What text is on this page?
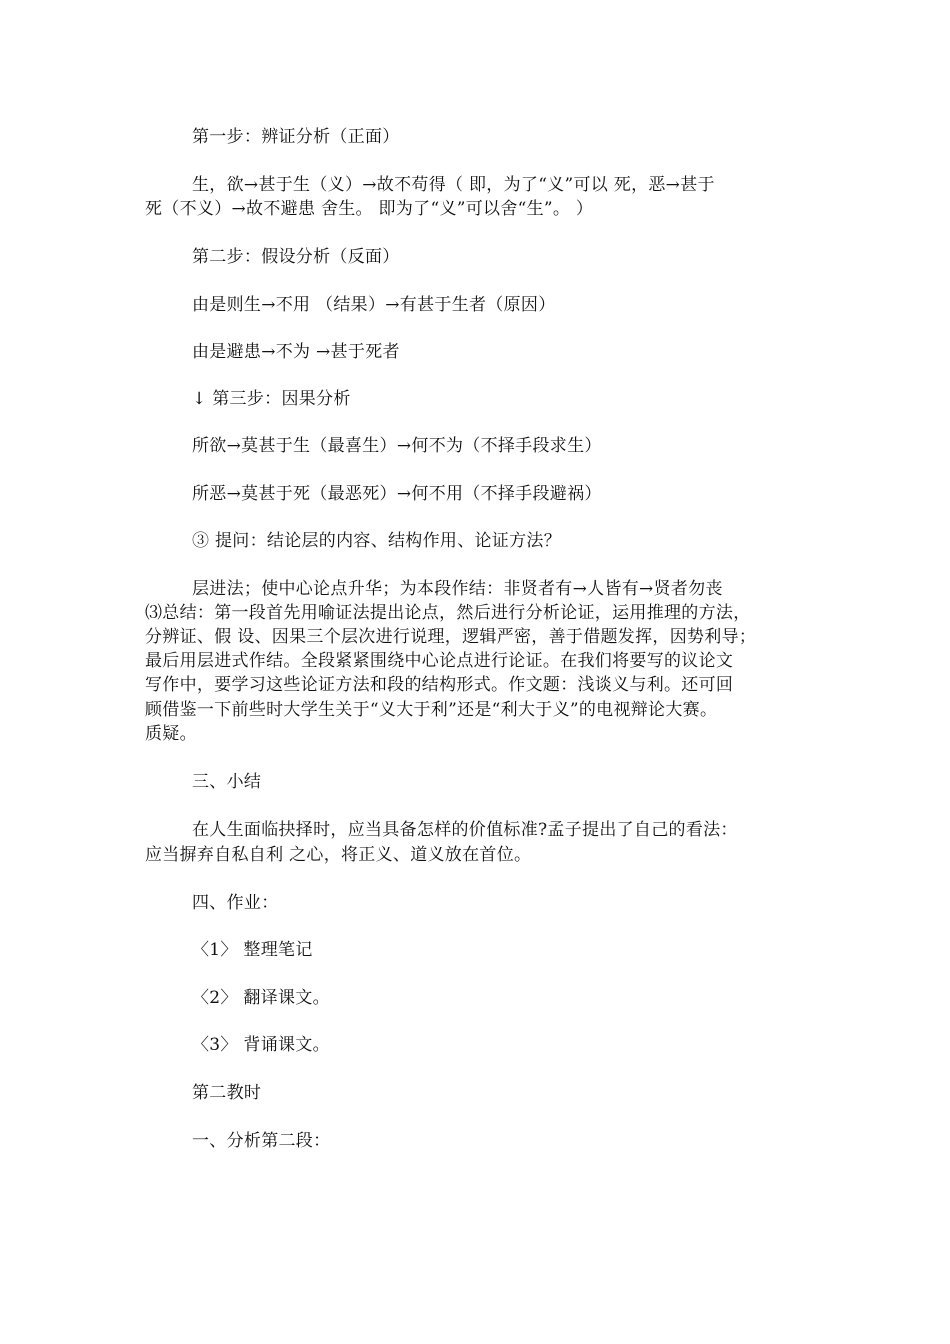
第一步：辨证分析（正面）
生，欲→甚于生（义）→故不苟得（ 即，为了“义”可以 死，恶→甚于
死（不义）→故不避患 舍生。 即为了“义”可以舍“生”。 ）
第二步：假设分析（反面）
由是则生→不用 （结果）→有甚于生者（原因）
由是避患→不为 →甚于死者
↓ 第三步：因果分析
所欲→莫甚于生（最喜生）→何不为（不择手段求生）
所恶→莫甚于死（最恶死）→何不用（不择手段避祸）
③ 提问：结论层的内容、结构作用、论证方法？
层进法；使中心论点升华；为本段作结：非贤者有→人皆有→贤者勿丧
⑶总结：第一段首先用喻证法提出论点，然后进行分析论证，运用推理的方法，
分辨证、假 设、因果三个层次进行说理，逻辑严密，善于借题发挥，因势利导；
最后用层进式作结。全段紧紧围绕中心论点进行论证。在我们将要写的议论文
写作中，要学习这些论证方法和段的结构形式。作文题：浅谈义与利。还可回
顾借鉴一下前些时大学生关于“义大于利”还是“利大于义”的电视辩论大赛。
质疑。
三、小结
在人生面临抉择时，应当具备怎样的价值标准?孟子提出了自己的看法：
应当摒弃自私自利 之心，将正义、道义放在首位。
四、作业：
〈1〉 整理笔记
〈2〉 翻译课文。
〈3〉 背诵课文。
第二教时
一、分析第二段：
